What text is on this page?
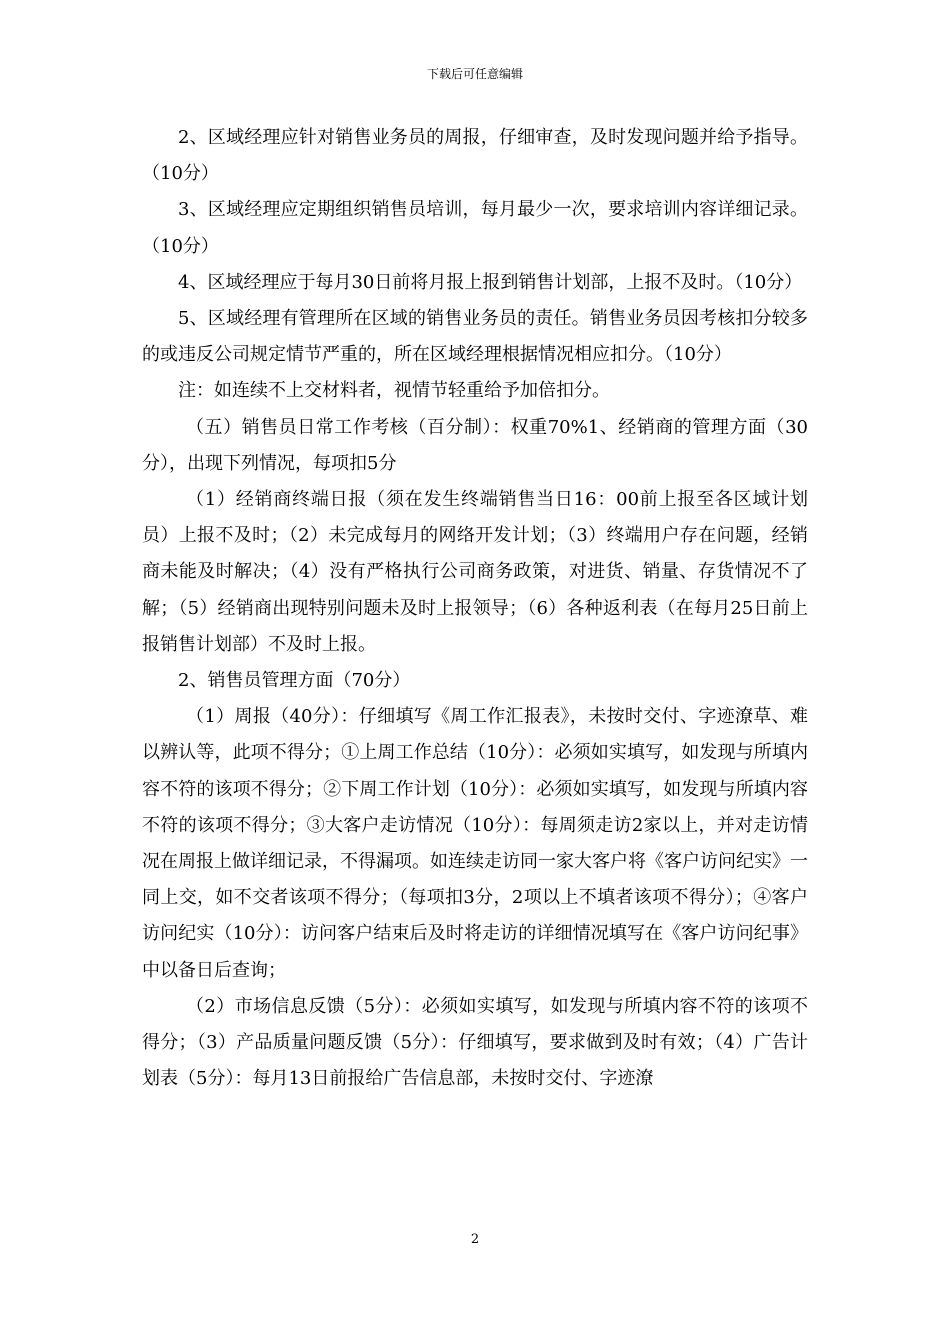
下载后可任意编辑

2、区域经理应针对销售业务员的周报，仔细审查，及时发现问题并给予指导。（10分）

3、区域经理应定期组织销售员培训，每月最少一次，要求培训内容详细记录。（10分）

4、区域经理应于每月30日前将月报上报到销售计划部，上报不及时。（10分）

5、区域经理有管理所在区域的销售业务员的责任。销售业务员因考核扣分较多的或违反公司规定情节严重的，所在区域经理根据情况相应扣分。（10分）

注：如连续不上交材料者，视情节轻重给予加倍扣分。

（五）销售员日常工作考核（百分制）：权重70%1、经销商的管理方面（30分），出现下列情况，每项扣5分

（1）经销商终端日报（须在发生终端销售当日16：00前上报至各区域计划员）上报不及时；（2）未完成每月的网络开发计划；（3）终端用户存在问题，经销商未能及时解决；（4）没有严格执行公司商务政策，对进货、销量、存货情况不了解；（5）经销商出现特别问题未及时上报领导；（6）各种返利表（在每月25日前上报销售计划部）不及时上报。

2、销售员管理方面（70分）

（1）周报（40分）：仔细填写《周工作汇报表》，未按时交付、字迹潦草、难以辨认等，此项不得分；①上周工作总结（10分）：必须如实填写，如发现与所填内容不符的该项不得分；②下周工作计划（10分）：必须如实填写，如发现与所填内容不符的该项不得分；③大客户走访情况（10分）：每周须走访2家以上，并对走访情况在周报上做详细记录，不得漏项。如连续走访同一家大客户将《客户访问纪实》一同上交，如不交者该项不得分；（每项扣3分，2项以上不填者该项不得分）；④客户访问纪实（10分）：访问客户结束后及时将走访的详细情况填写在《客户访问纪事》中以备日后查询；

（2）市场信息反馈（5分）：必须如实填写，如发现与所填内容不符的该项不得分；（3）产品质量问题反馈（5分）：仔细填写，要求做到及时有效；（4）广告计划表（5分）：每月13日前报给广告信息部，未按时交付、字迹潦

2
